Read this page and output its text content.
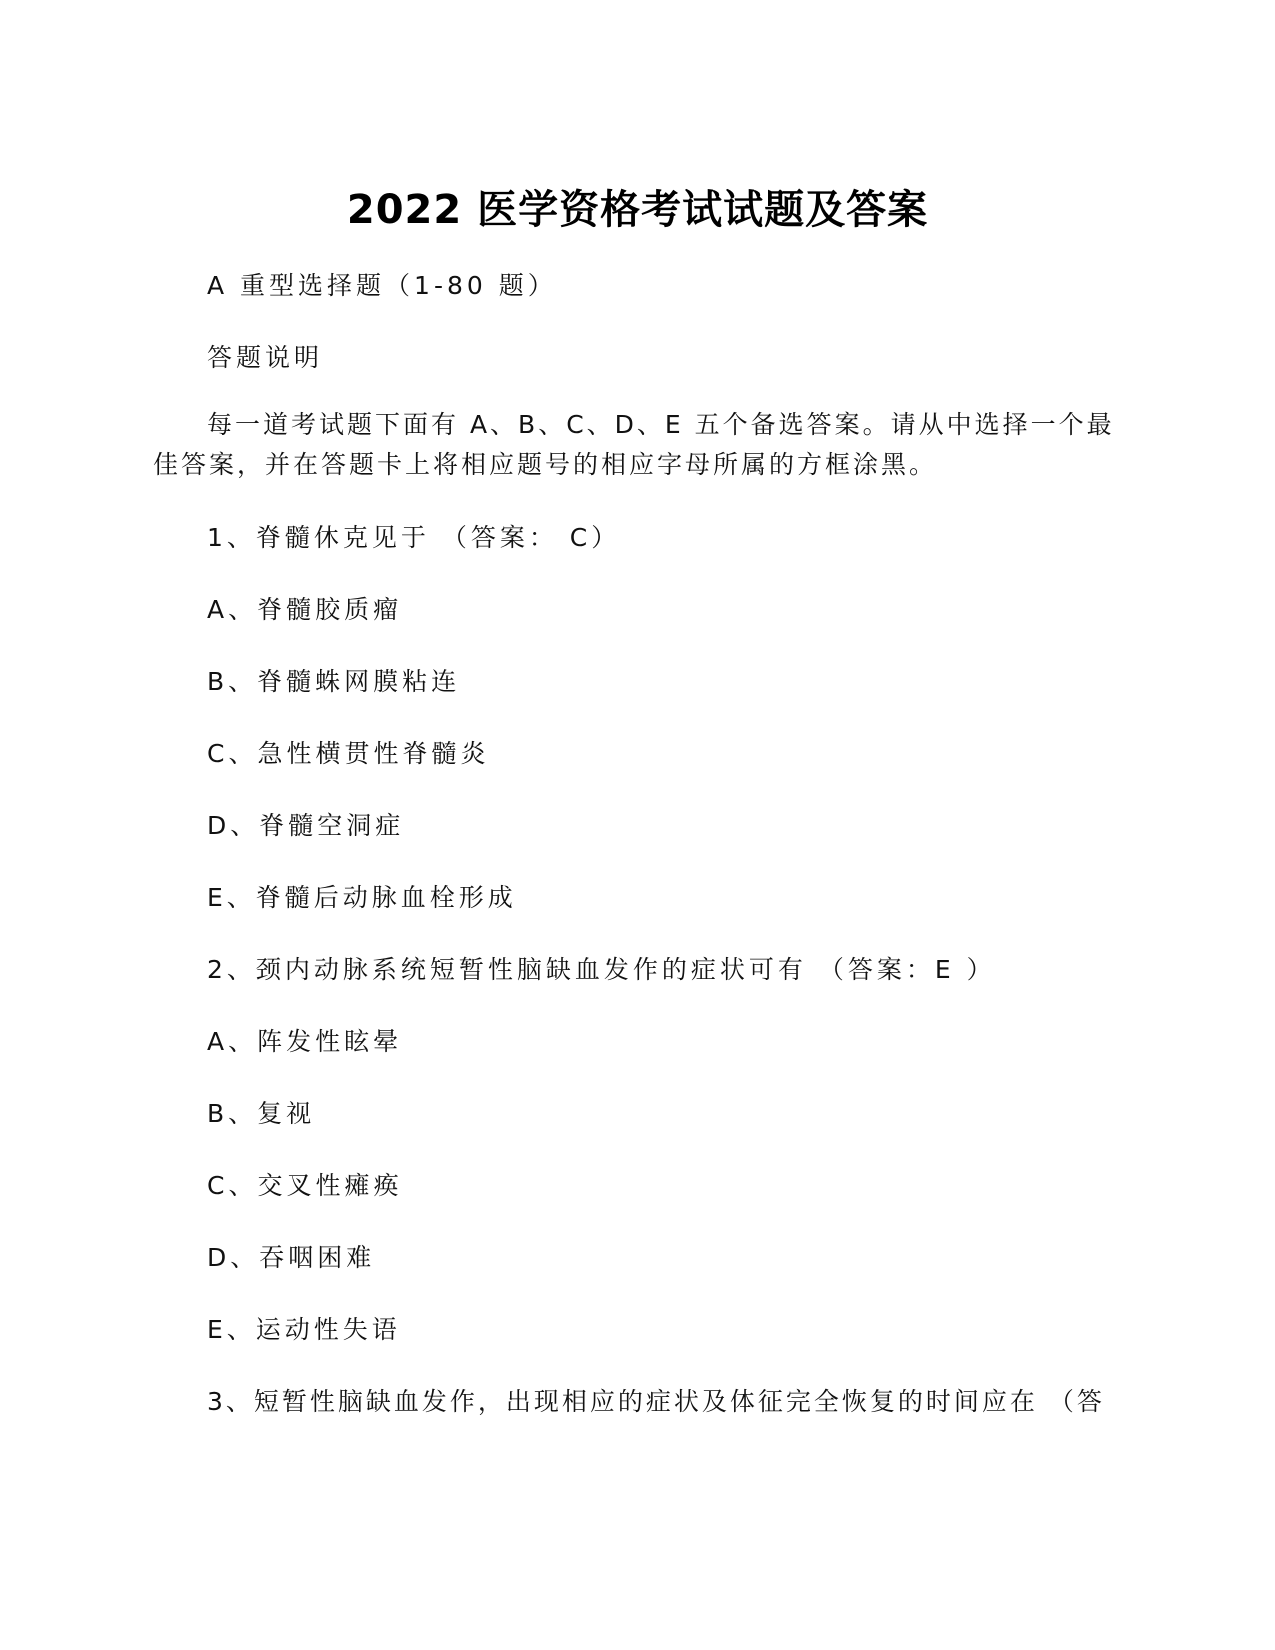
2022 医学资格考试试题及答案
A 重型选择题（1-80 题）
答题说明
每一道考试题下面有 A、B、C、D、E 五个备选答案。请从中选择一个最佳答案，并在答题卡上将相应题号的相应字母所属的方框涂黑。
1、脊髓休克见于 （答案： C）
A、脊髓胶质瘤
B、脊髓蛛网膜粘连
C、急性横贯性脊髓炎
D、脊髓空洞症
E、脊髓后动脉血栓形成
2、颈内动脉系统短暂性脑缺血发作的症状可有 （答案：E ）
A、阵发性眩晕
B、复视
C、交叉性瘫痪
D、吞咽困难
E、运动性失语
3、短暂性脑缺血发作，出现相应的症状及体征完全恢复的时间应在 （答
